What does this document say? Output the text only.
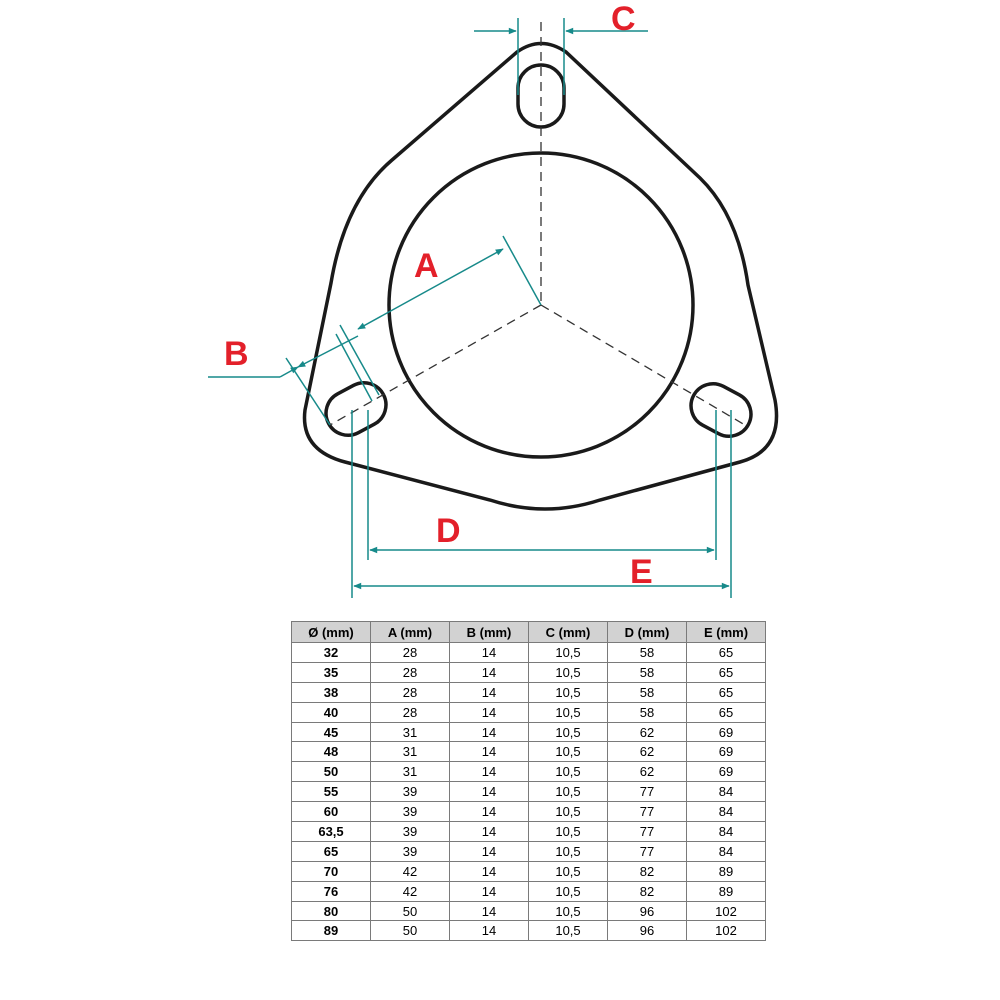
C
A
B
D
E
Ø (mm)	A (mm)	B (mm)	C (mm)	D (mm)	E (mm)
32	28	14	10,5	58	65
35	28	14	10,5	58	65
38	28	14	10,5	58	65
40	28	14	10,5	58	65
45	31	14	10,5	62	69
48	31	14	10,5	62	69
50	31	14	10,5	62	69
55	39	14	10,5	77	84
60	39	14	10,5	77	84
63,5	39	14	10,5	77	84
65	39	14	10,5	77	84
70	42	14	10,5	82	89
76	42	14	10,5	82	89
80	50	14	10,5	96	102
89	50	14	10,5	96	102
